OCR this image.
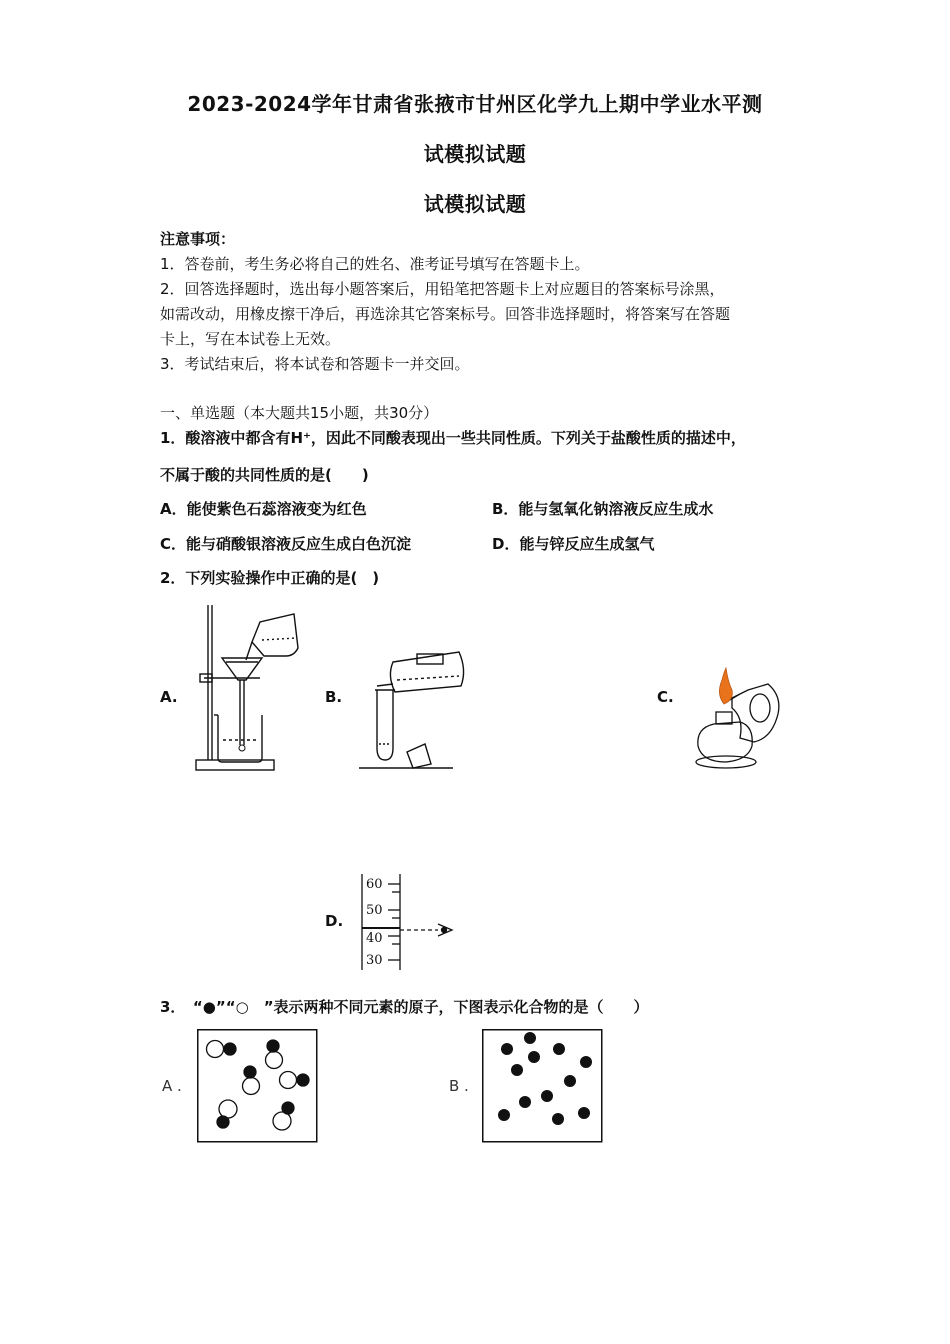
2023-2024学年甘肃省张掖市甘州区化学九上期中学业水平测
试模拟试题
试模拟试题
注意事项：
1．答卷前，考生务必将自己的姓名、准考证号填写在答题卡上。
2．回答选择题时，选出每小题答案后，用铅笔把答题卡上对应题目的答案标号涂黑，
如需改动，用橡皮擦干净后，再选涂其它答案标号。回答非选择题时，将答案写在答题
卡上，写在本试卷上无效。
3．考试结束后，将本试卷和答题卡一并交回。
一、单选题（本大题共15小题，共30分）
1．酸溶液中都含有H⁺，因此不同酸表现出一些共同性质。下列关于盐酸性质的描述中，
不属于酸的共同性质的是(　　)
A．能使紫色石蕊溶液变为红色	B．能与氢氧化钠溶液反应生成水
C．能与硝酸银溶液反应生成白色沉淀	D．能与锌反应生成氢气
2．下列实验操作中正确的是(　)
A.	B.	C.
D.
60
50
40
30
3．　“●”“○　”表示两种不同元素的原子，下图表示化合物的是（　　）
A .	B .
